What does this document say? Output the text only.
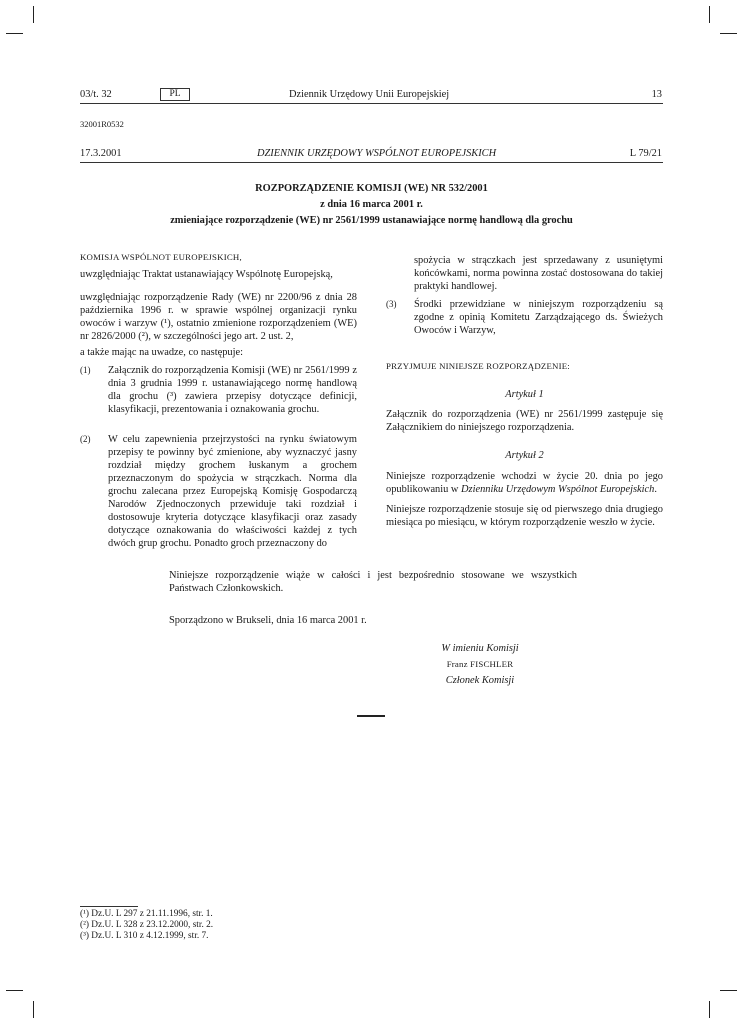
03/t. 32	PL	Dziennik Urzędowy Unii Europejskiej	13
32001R0532
17.3.2001	DZIENNIK URZĘDOWY WSPÓLNOT EUROPEJSKICH	L 79/21
ROZPORZĄDZENIE KOMISJI (WE) NR 532/2001
z dnia 16 marca 2001 r.
zmieniające rozporządzenie (WE) nr 2561/1999 ustanawiające normę handlową dla grochu
KOMISJA WSPÓLNOT EUROPEJSKICH,

uwzględniając Traktat ustanawiający Wspólnotę Europejską,

uwzględniając rozporządzenie Rady (WE) nr 2200/96 z dnia 28 października 1996 r. w sprawie wspólnej organizacji rynku owoców i warzyw (¹), ostatnio zmienione rozporządzeniem (WE) nr 2826/2000 (²), w szczególności jego art. 2 ust. 2,

a także mając na uwadze, co następuje:

(1) Załącznik do rozporządzenia Komisji (WE) nr 2561/1999 z dnia 3 grudnia 1999 r. ustanawiającego normę handlową dla grochu (³) zawiera przepisy dotyczące definicji, klasyfikacji, prezentowania i oznakowania grochu.

(2) W celu zapewnienia przejrzystości na rynku światowym przepisy te powinny być zmienione, aby wyznaczyć jasny rozdział między grochem łuskanym a grochem przeznaczonym do spożycia w strączkach. Norma dla grochu zalecana przez Europejską Komisję Gospodarczą Narodów Zjednoczonych przewiduje taki rozdział i dostosowuje kryteria dotyczące klasyfikacji oraz zasady dotyczące oznakowania do właściwości każdej z tych dwóch grup grochu. Ponadto groch przeznaczony do

spożycia w strączkach jest sprzedawany z usuniętymi końcówkami, norma powinna zostać dostosowana do takiej praktyki handlowej.

(3) Środki przewidziane w niniejszym rozporządzeniu są zgodne z opinią Komitetu Zarządzającego ds. Świeżych Owoców i Warzyw,

PRZYJMUJE NINIEJSZE ROZPORZĄDZENIE:
Artykuł 1

Załącznik do rozporządzenia (WE) nr 2561/1999 zastępuje się Załącznikiem do niniejszego rozporządzenia.

Artykuł 2

Niniejsze rozporządzenie wchodzi w życie 20. dnia po jego opublikowaniu w Dzienniku Urzędowym Wspólnot Europejskich.

Niniejsze rozporządzenie stosuje się od pierwszego dnia drugiego miesiąca po miesiącu, w którym rozporządzenie weszło w życie.

Niniejsze rozporządzenie wiąże w całości i jest bezpośrednio stosowane we wszystkich Państwach Członkowskich.

Sporządzono w Brukseli, dnia 16 marca 2001 r.

W imieniu Komisji
Franz FISCHLER
Członek Komisji
(¹) Dz.U. L 297 z 21.11.1996, str. 1.
(²) Dz.U. L 328 z 23.12.2000, str. 2.
(³) Dz.U. L 310 z 4.12.1999, str. 7.
